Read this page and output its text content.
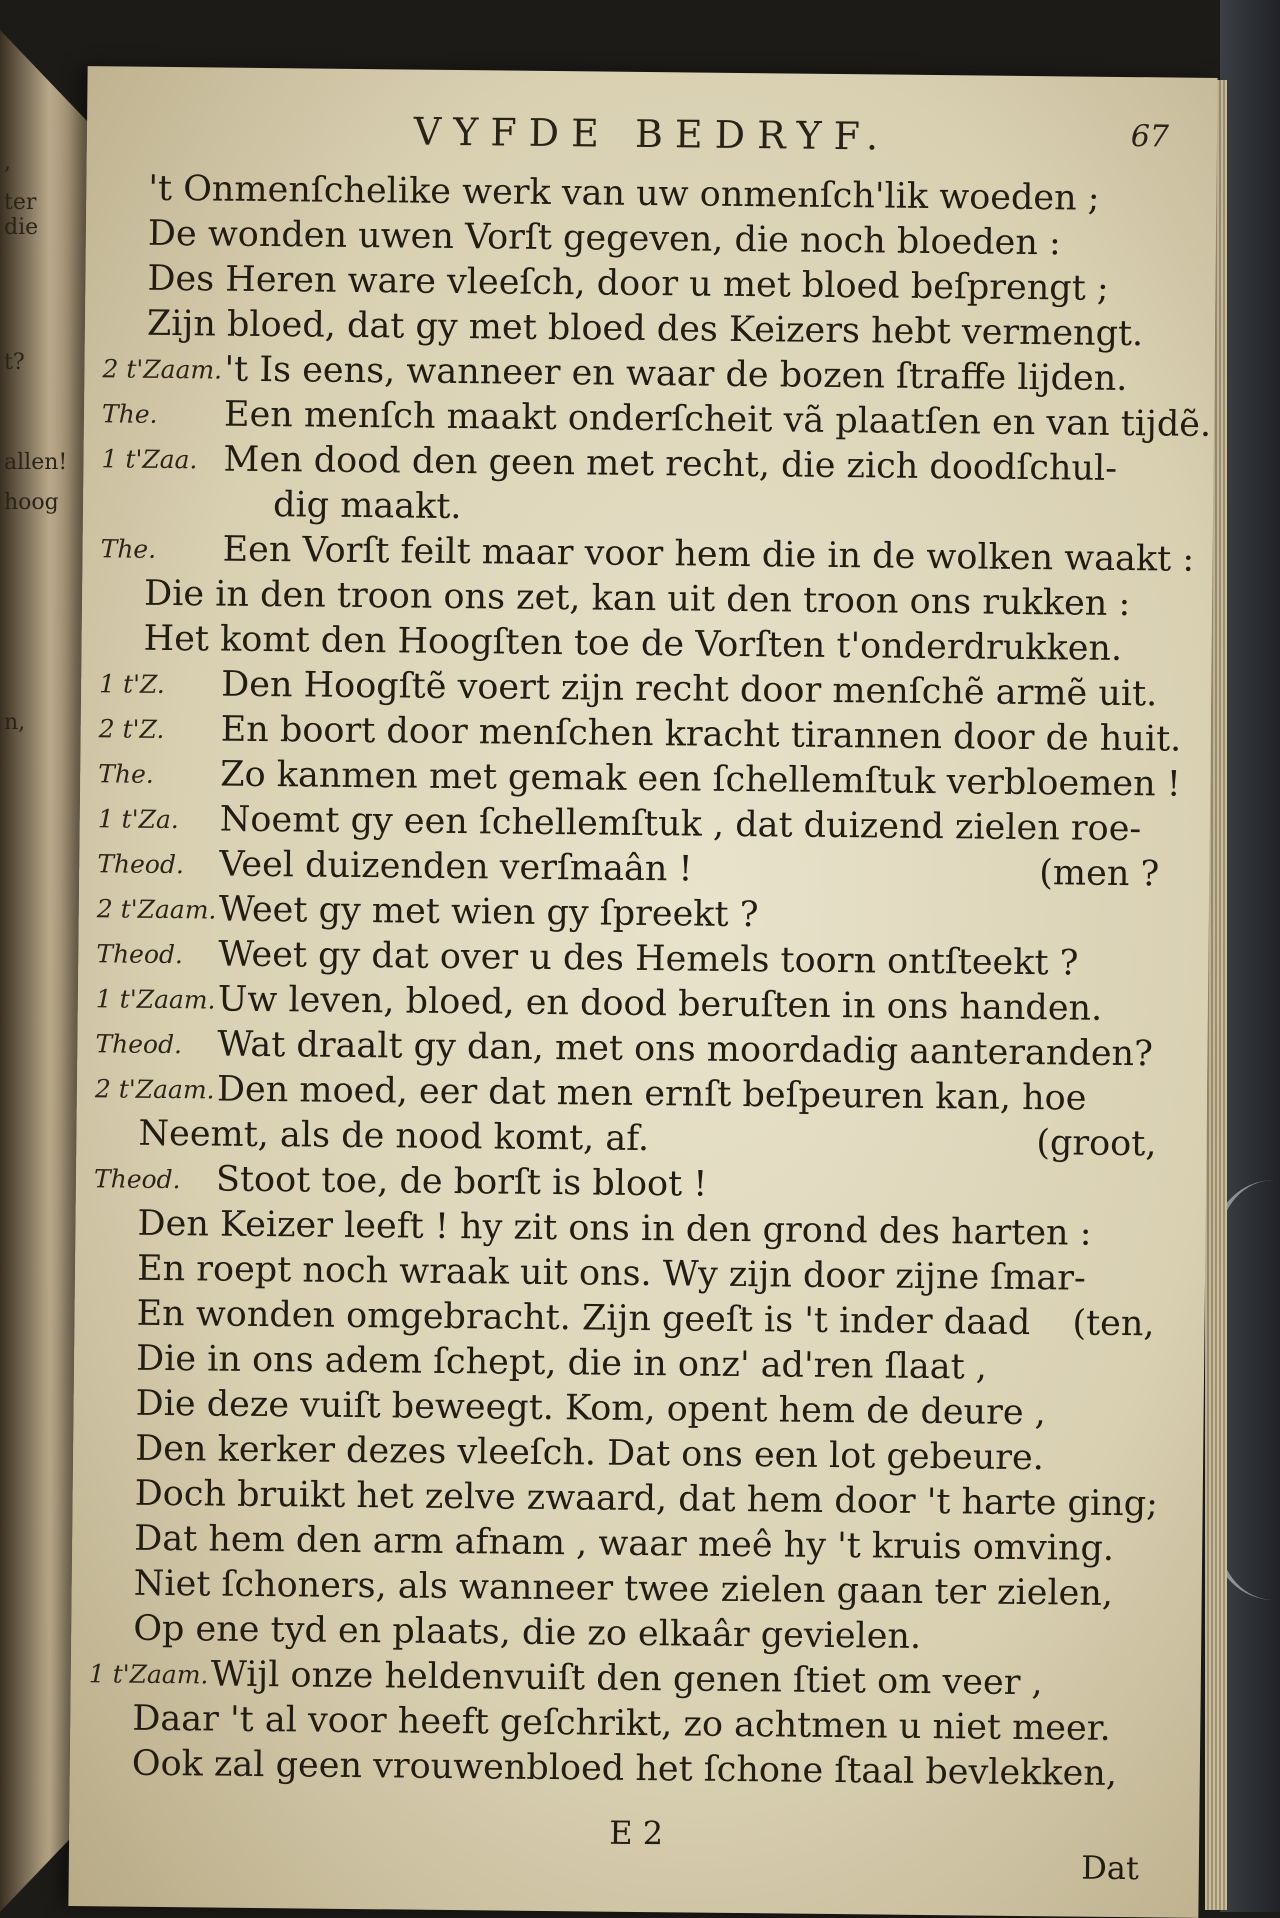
,
ter die
t?
allen!
hoog
n,
VYFDE BEDRYF.	67
't Onmenſchelike werk van uw onmenſch'lik woeden ;
De wonden uwen Vorſt gegeven, die noch bloeden :
Des Heren ware vleeſch, door u met bloed beſprengt ;
Zijn bloed, dat gy met bloed des Keizers hebt vermengt.
2 t'Zaam. 't Is eens, wanneer en waar de bozen ſtraffe lijden.
The. Een menſch maakt onderſcheit vã plaatſen en van tijdẽ.
1 t'Zaa. Men dood den geen met recht, die zich doodſchul-
dig maakt.
The. Een Vorſt feilt maar voor hem die in de wolken waakt :
Die in den troon ons zet, kan uit den troon ons rukken :
Het komt den Hoogſten toe de Vorſten t'onderdrukken.
1 t'Z. Den Hoogſtẽ voert zijn recht door menſchẽ armẽ uit.
2 t'Z. En boort door menſchen kracht tirannen door de huit.
The. Zo kanmen met gemak een ſchellemſtuk verbloemen !
1 t'Za. Noemt gy een ſchellemſtuk , dat duizend zielen roe-
Theod. Veel duizenden verſmaân !	(men ?
2 t'Zaam. Weet gy met wien gy ſpreekt ?
Theod. Weet gy dat over u des Hemels toorn ontſteekt ?
1 t'Zaam. Uw leven, bloed, en dood beruſten in ons handen.
Theod. Wat draalt gy dan, met ons moordadig aanteranden?
2 t'Zaam. Den moed, eer dat men ernſt beſpeuren kan, hoe
Neemt, als de nood komt, af.	(groot,
Theod. Stoot toe, de borſt is bloot !
Den Keizer leeft ! hy zit ons in den grond des harten :
En roept noch wraak uit ons. Wy zijn door zijne ſmar-
En wonden omgebracht. Zijn geeſt is 't inder daad (ten,
Die in ons adem ſchept, die in onz' ad'ren ſlaat ,
Die deze vuiſt beweegt. Kom, opent hem de deure ,
Den kerker dezes vleeſch. Dat ons een lot gebeure.
Doch bruikt het zelve zwaard, dat hem door 't harte ging;
Dat hem den arm afnam , waar meê hy 't kruis omving.
Niet ſchoners, als wanneer twee zielen gaan ter zielen,
Op ene tyd en plaats, die zo elkaâr gevielen.
1 t'Zaam. Wijl onze heldenvuiſt den genen ſtiet om veer ,
Daar 't al voor heeft geſchrikt, zo achtmen u niet meer.
Ook zal geen vrouwenbloed het ſchone ſtaal bevlekken,
E 2
Dat
